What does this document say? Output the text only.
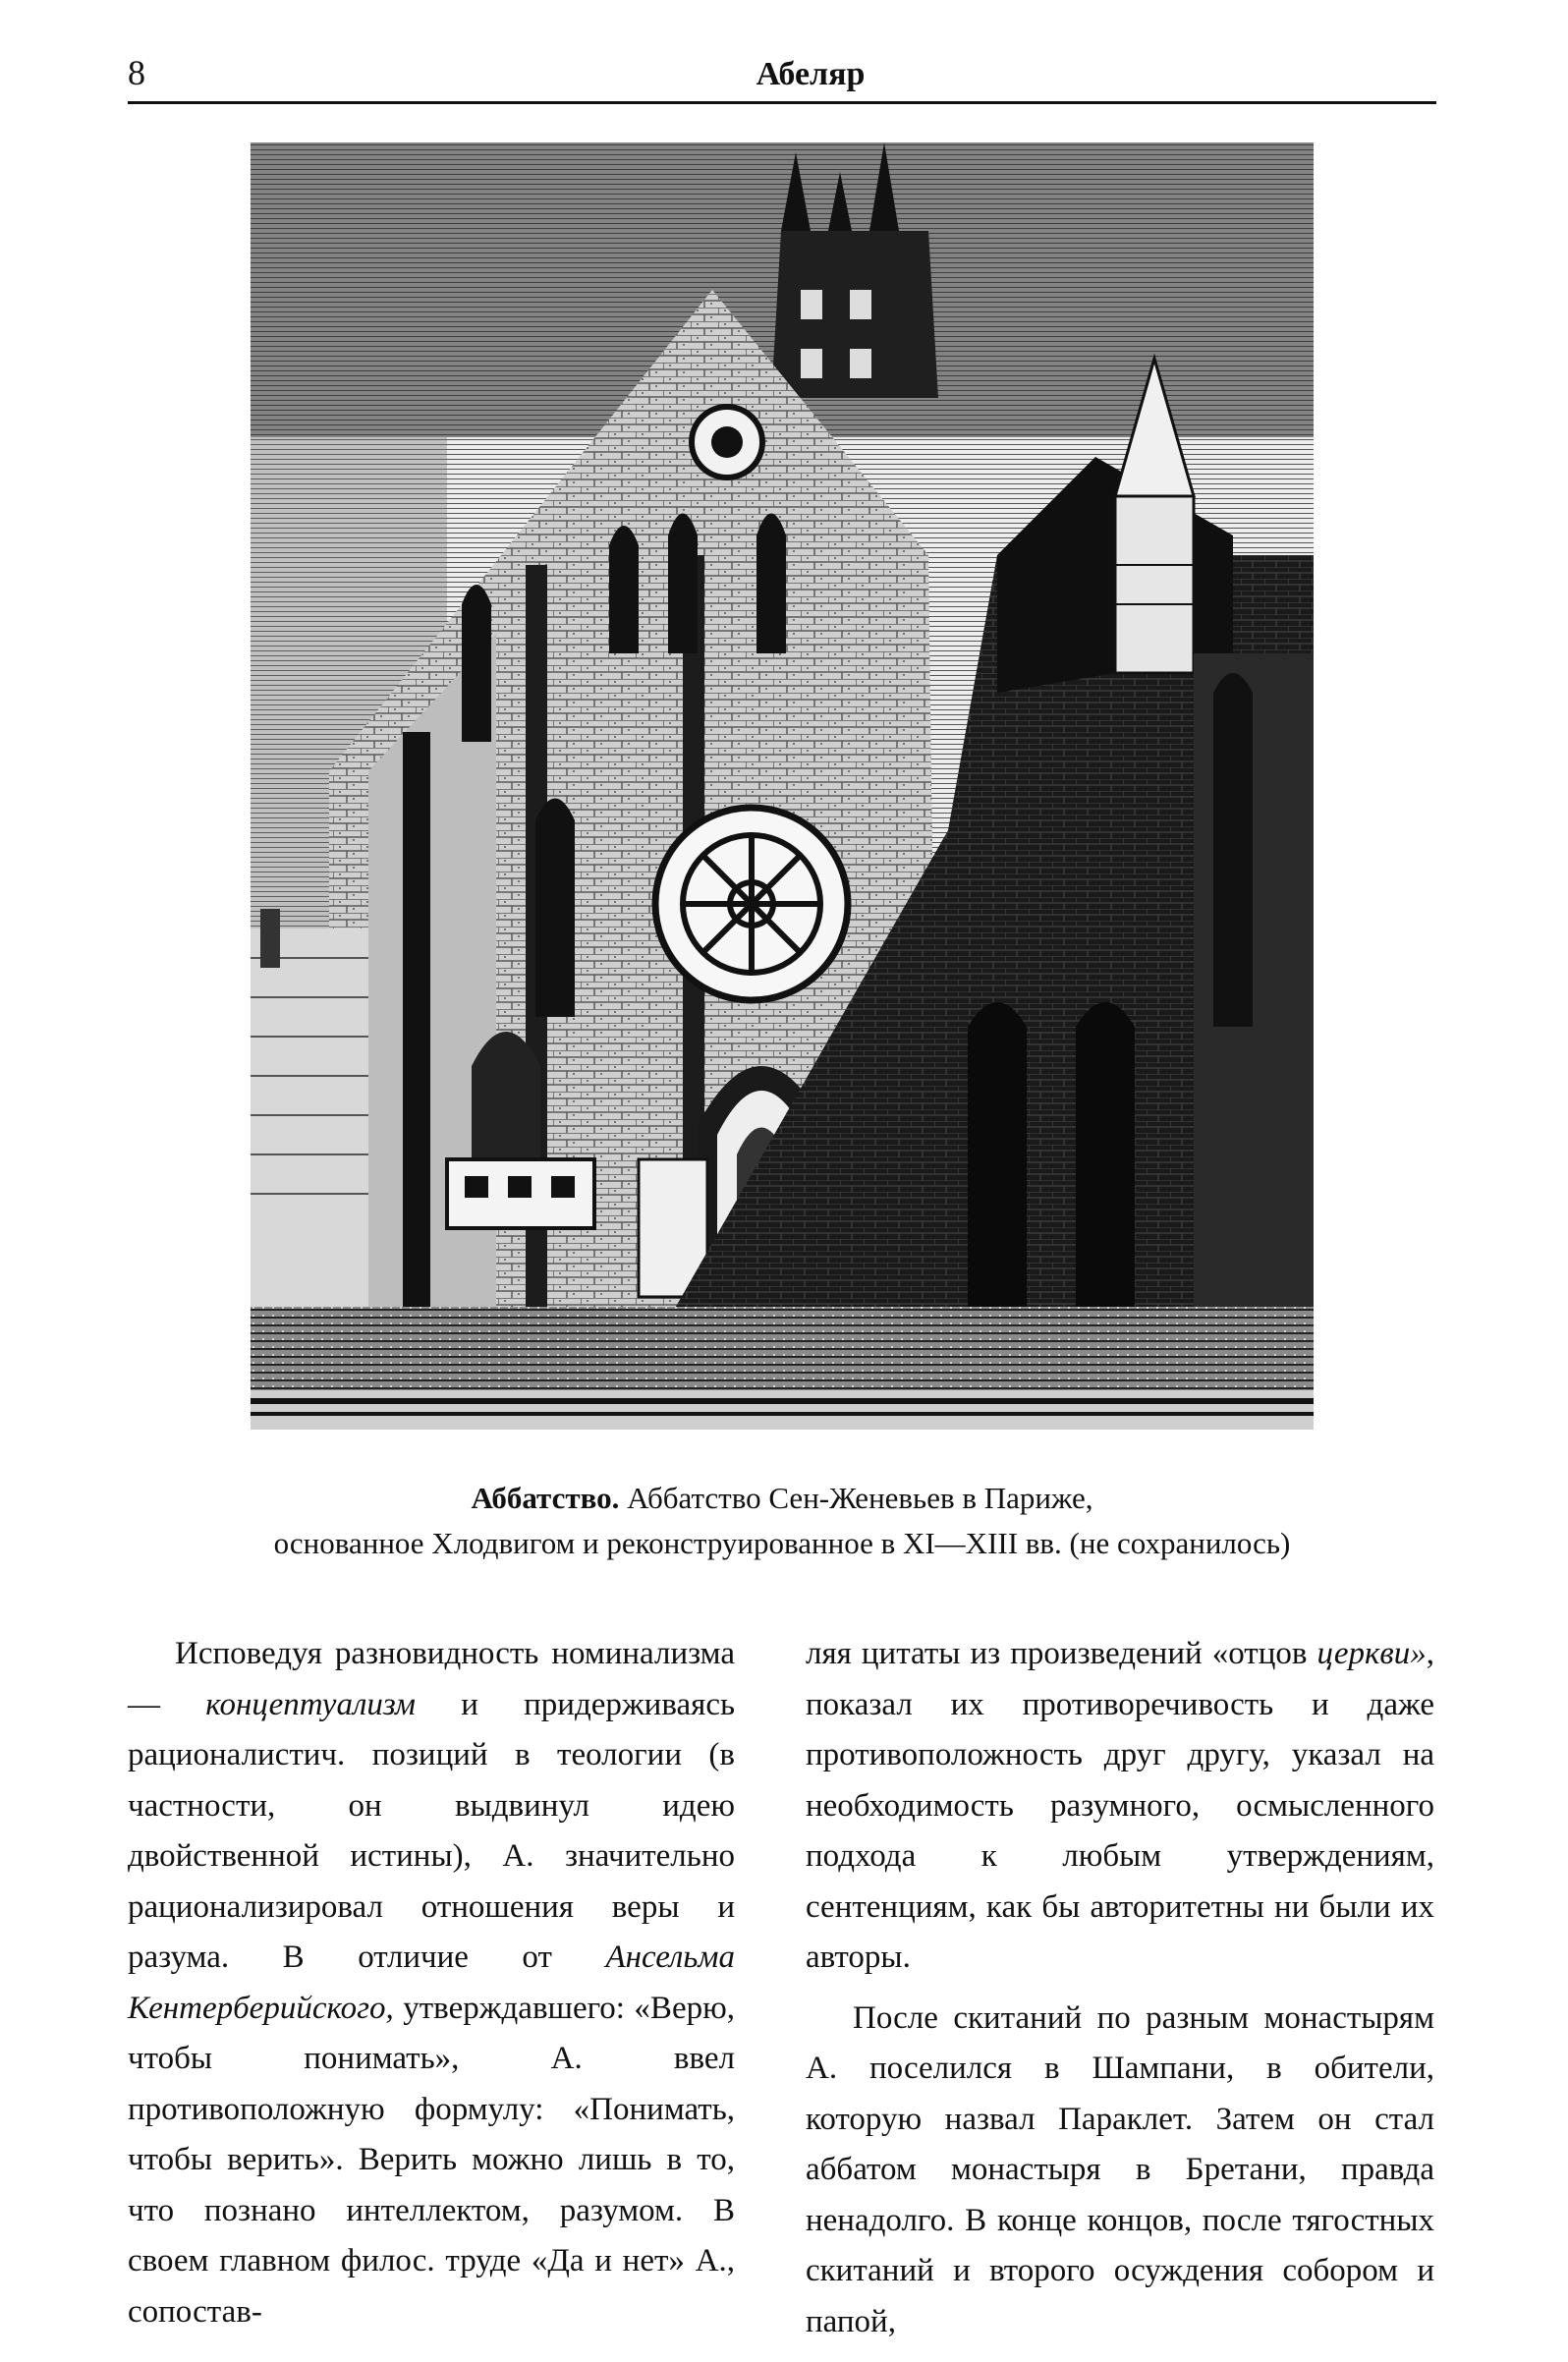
8	Абеляр
Аббатство. Аббатство Сен-Женевьев в Париже,
основанное Хлодвигом и реконструированное в XI—XIII вв. (не сохранилось)

Исповедуя разновидность номинализма — концептуализм и придерживаясь рационалистич. позиций в теологии (в частности, он выдвинул идею двойственной истины), А. значительно рационализировал отношения веры и разума. В отличие от Ансельма Кентерберийского, утверждавшего: «Верю, чтобы понимать», А. ввел противоположную формулу: «Понимать, чтобы верить». Верить можно лишь в то, что познано интеллектом, разумом. В своем главном филос. труде «Да и нет» А., сопостав-

ляя цитаты из произведений «отцов церкви», показал их противоречивость и даже противоположность друг другу, указал на необходимость разумного, осмысленного подхода к любым утверждениям, сентенциям, как бы авторитетны ни были их авторы.

После скитаний по разным монастырям А. поселился в Шампани, в обители, которую назвал Параклет. Затем он стал аббатом монастыря в Бретани, правда ненадолго. В конце концов, после тягостных скитаний и второго осуждения собором и папой,
